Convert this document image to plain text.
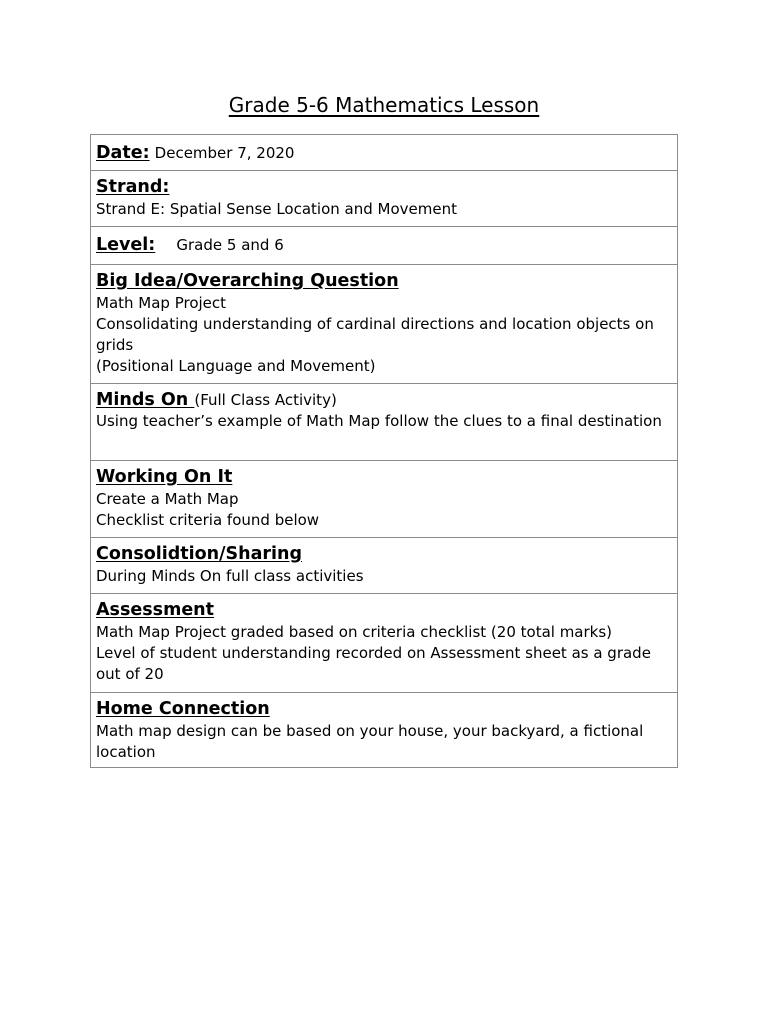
Grade 5-6 Mathematics Lesson
Date: December 7, 2020
Strand:
Strand E: Spatial Sense Location and Movement
Level: Grade 5 and 6
Big Idea/Overarching Question
Math Map Project
Consolidating understanding of cardinal directions and location objects on grids
(Positional Language and Movement)
Minds On (Full Class Activity)
Using teacher’s example of Math Map follow the clues to a final destination
Working On It
Create a Math Map
Checklist criteria found below
Consolidtion/Sharing
During Minds On full class activities
Assessment
Math Map Project graded based on criteria checklist (20 total marks)
Level of student understanding recorded on Assessment sheet as a grade out of 20
Home Connection
Math map design can be based on your house, your backyard, a fictional location
